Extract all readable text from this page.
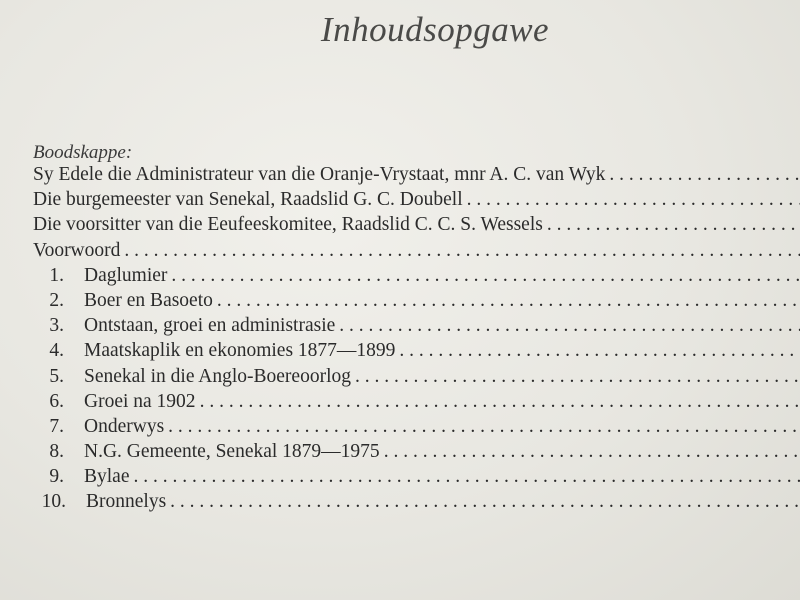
Inhoudsopgawe
Boodskappe:
Sy Edele die Administrateur van die Oranje-Vrystaat, mnr A. C. van Wyk
. . .
Die burgemeester van Senekal, Raadslid G. C. Doubell
. . .
Die voorsitter van die Eeufeeskomitee, Raadslid C. C. S. Wessels
. . .
Voorwoord
. . .
1. Daglumier
. . .
2. Boer en Basoeto
. . .
3. Ontstaan, groei en administrasie
. . .
4. Maatskaplik en ekonomies 1877—1899
. . .
5. Senekal in die Anglo-Boereoorlog
. . .
6. Groei na 1902
. . .
7. Onderwys
. . .
8. N.G. Gemeente, Senekal 1879—1975
. . .
9. Bylae
. . .
10. Bronnelys
. . .
